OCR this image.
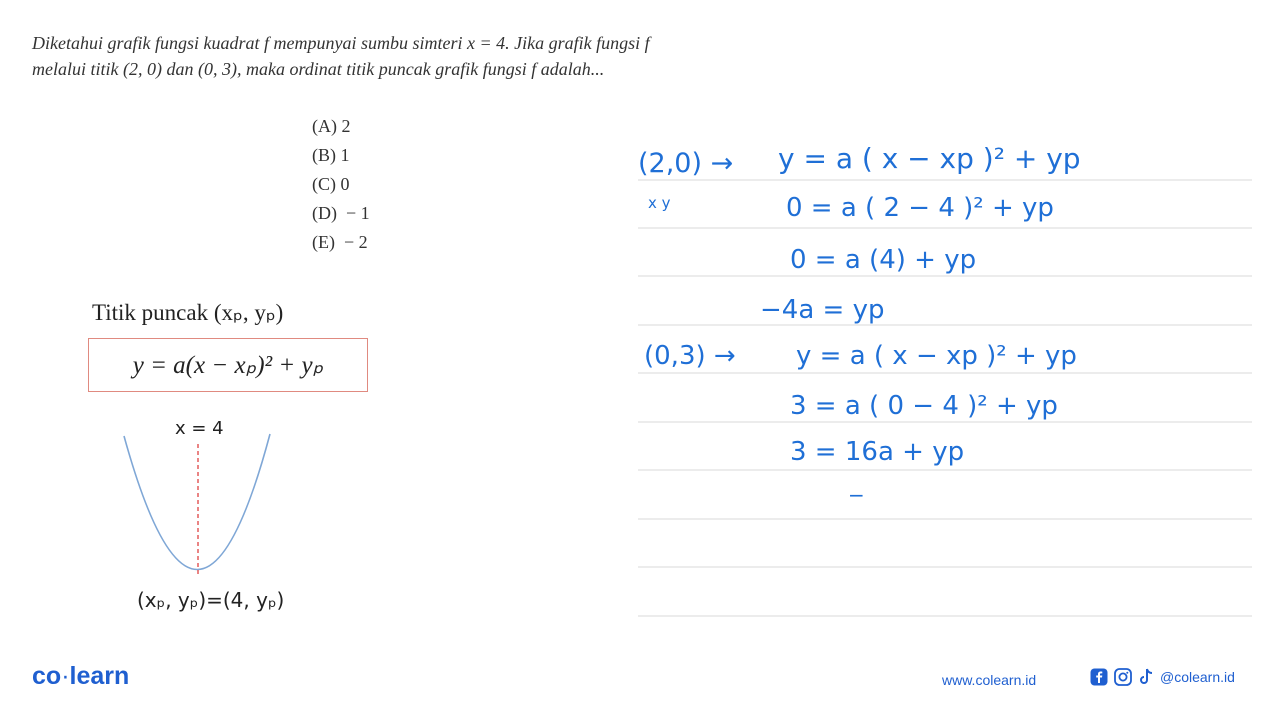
Diketahui grafik fungsi kuadrat f mempunyai sumbu simteri x = 4. Jika grafik fungsi f

melalui titik (2, 0) dan (0, 3), maka ordinat titik puncak grafik fungsi f adalah...

(A) 2
(B) 1
(C) 0
(D)  − 1
(E)  − 2
Titik puncak (xₚ, yₚ)
y = a(x − xₚ)² + yₚ
x = 4
(xₚ, yₚ)=(4, yₚ)
(2,0) →
x y
y = a ( x − xp )² + yp
0 = a ( 2 − 4 )² + yp
0 = a (4) + yp
−4a = yp
(0,3) → y = a ( x − xp )² + yp
3 = a ( 0 − 4 )² + yp
3 = 16a + yp
−
co·learn	www.colearn.id	@colearn.id
